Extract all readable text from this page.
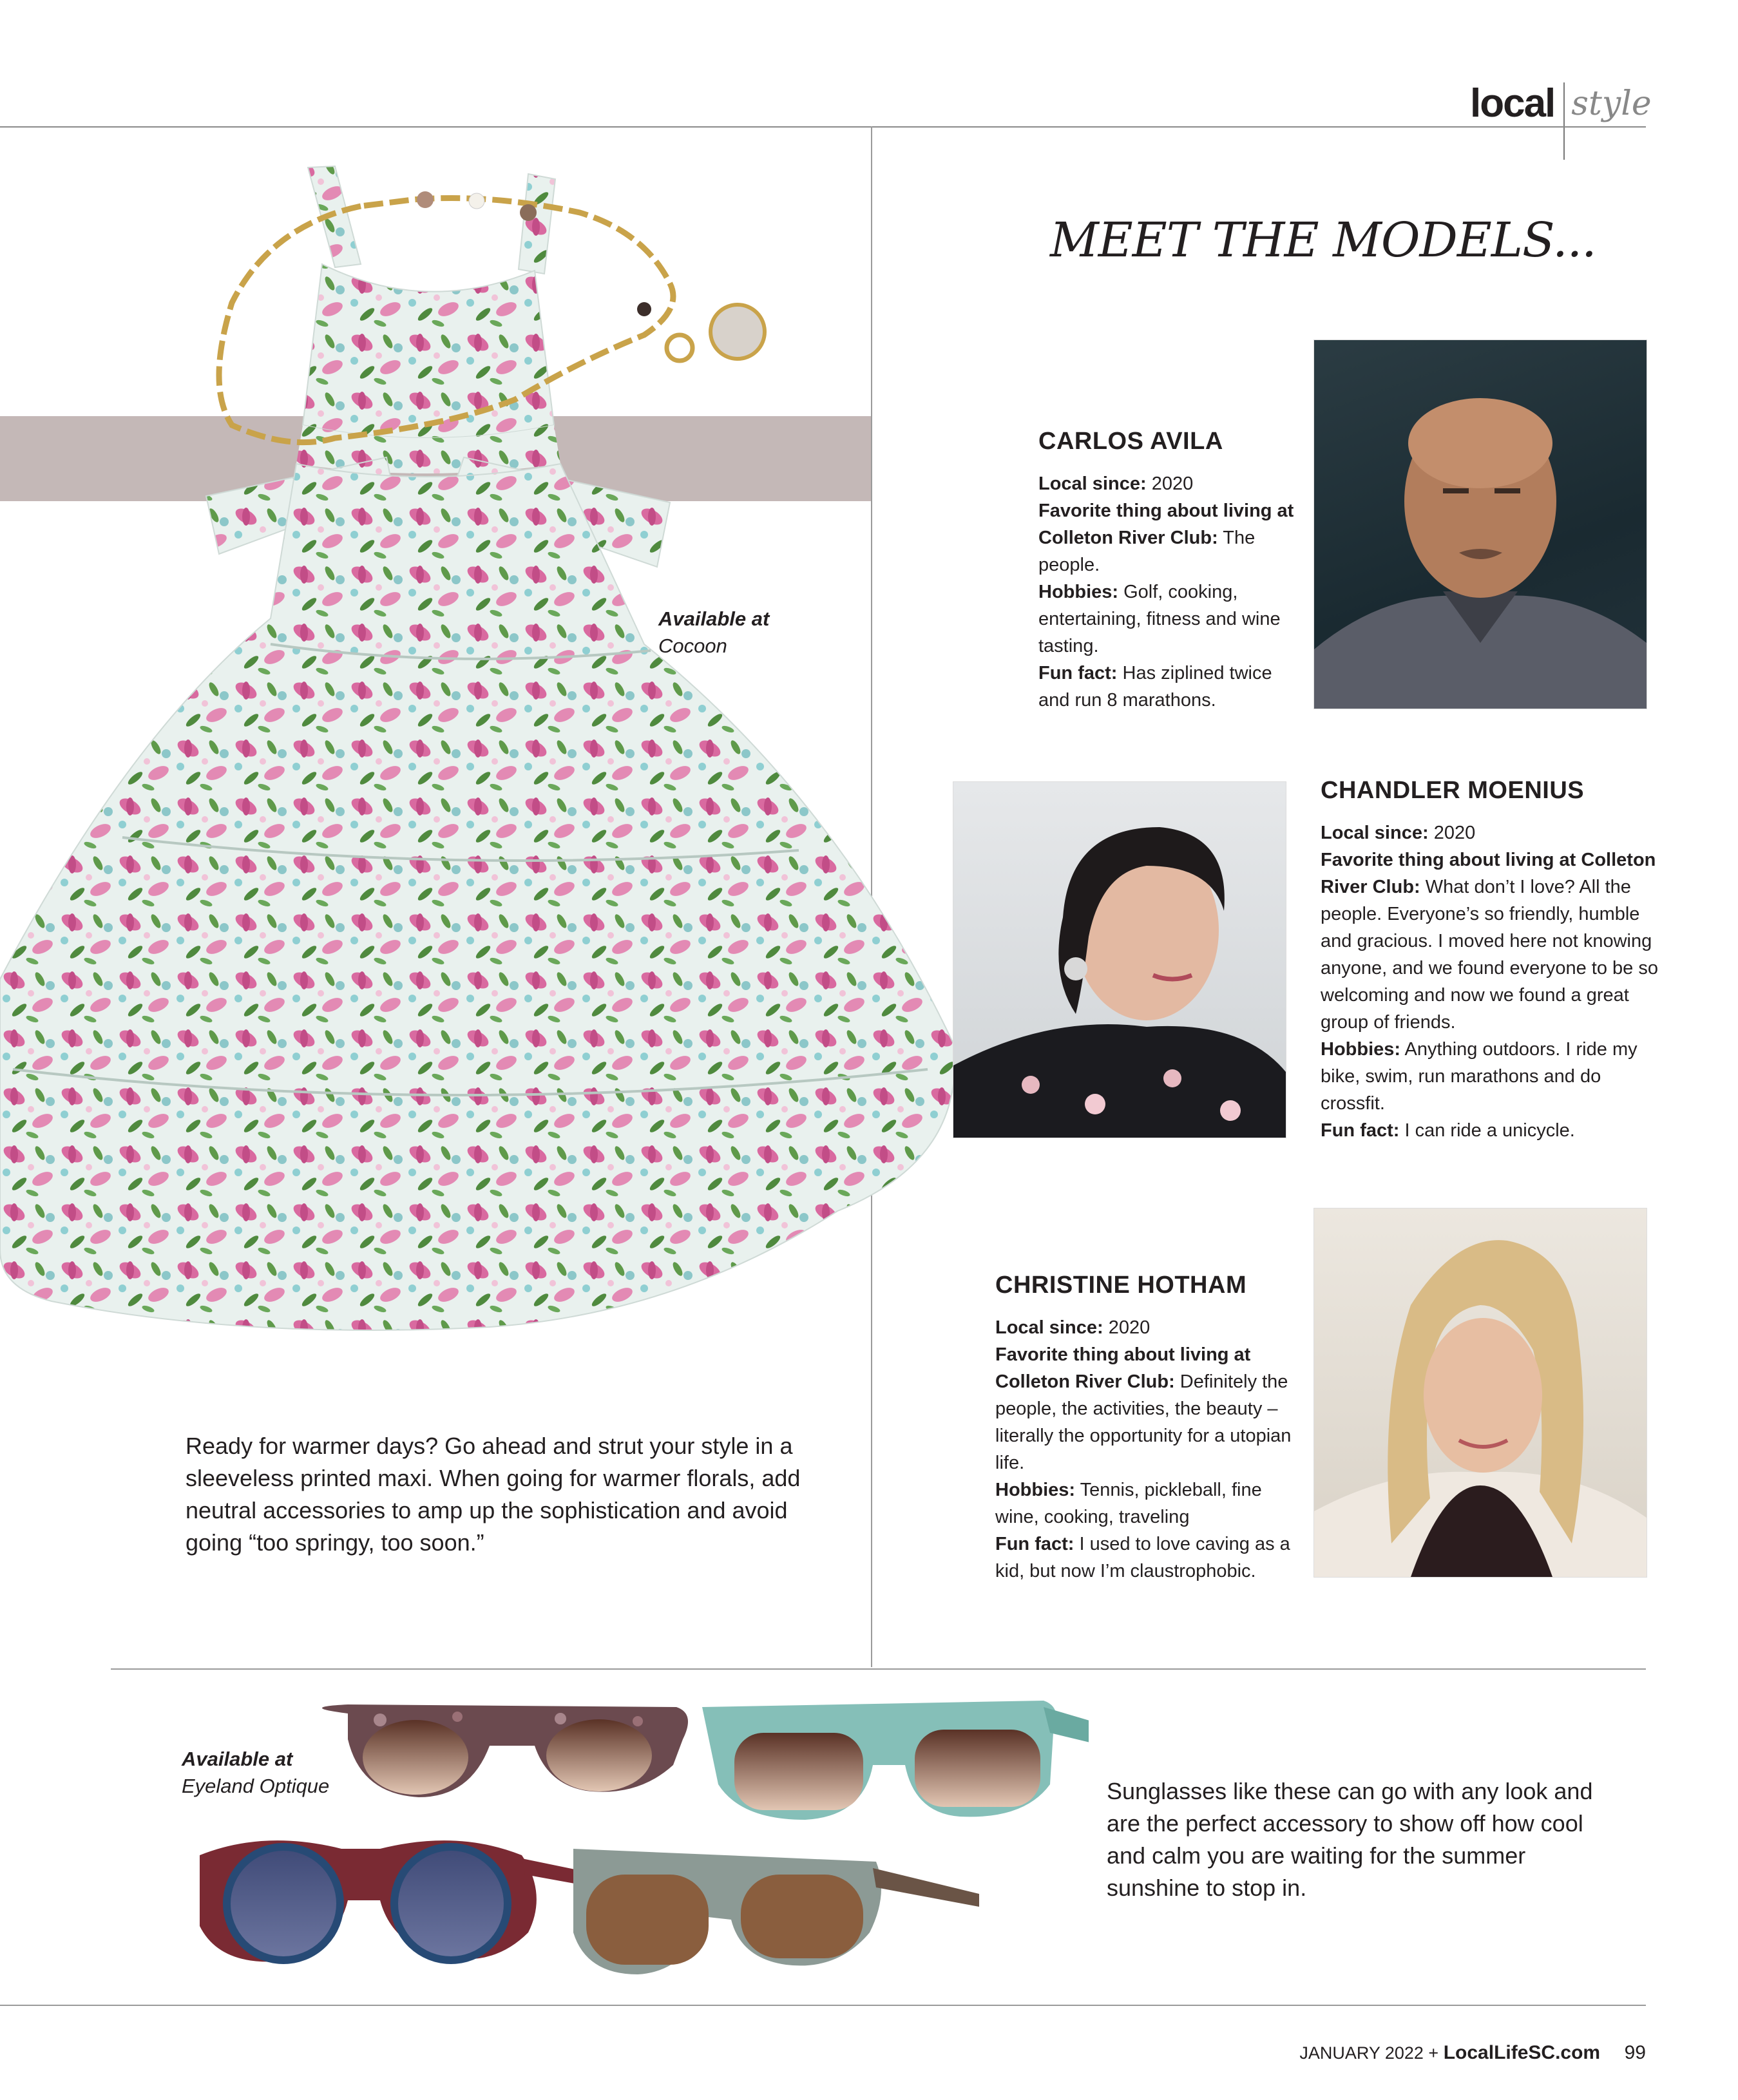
local style
Available at
Cocoon
Ready for warmer days? Go ahead and strut your style in a sleeveless printed maxi. When going for warmer florals, add neutral accessories to amp up the sophistication and avoid going “too springy, too soon.”
MEET THE MODELS...
CARLOS AVILA

Local since: 2020

Favorite thing about living at Colleton River Club: The people.

Hobbies: Golf, cooking, entertaining, fitness and wine tasting.

Fun fact: Has ziplined twice and run 8 marathons.

CHANDLER MOENIUS

Local since: 2020

Favorite thing about living at Colleton River Club: What don’t I love? All the people. Everyone’s so friendly, humble and gracious. I moved here not knowing anyone, and we found everyone to be so welcoming and now we found a great group of friends.

Hobbies: Anything outdoors. I ride my bike, swim, run marathons and do crossfit.

Fun fact: I can ride a unicycle.

CHRISTINE HOTHAM

Local since: 2020

Favorite thing about living at Colleton River Club: Definitely the people, the activities, the beauty – literally the opportunity for a utopian life.

Hobbies: Tennis, pickleball, fine wine, cooking, traveling

Fun fact: I used to love caving as a kid, but now I’m claustrophobic.

Available at
Eyeland Optique	Sunglasses like these can go with any look and are the perfect accessory to show off how cool and calm you are waiting for the summer sunshine to stop in.
JANUARY 2022 + LocalLifeSC.com 99
